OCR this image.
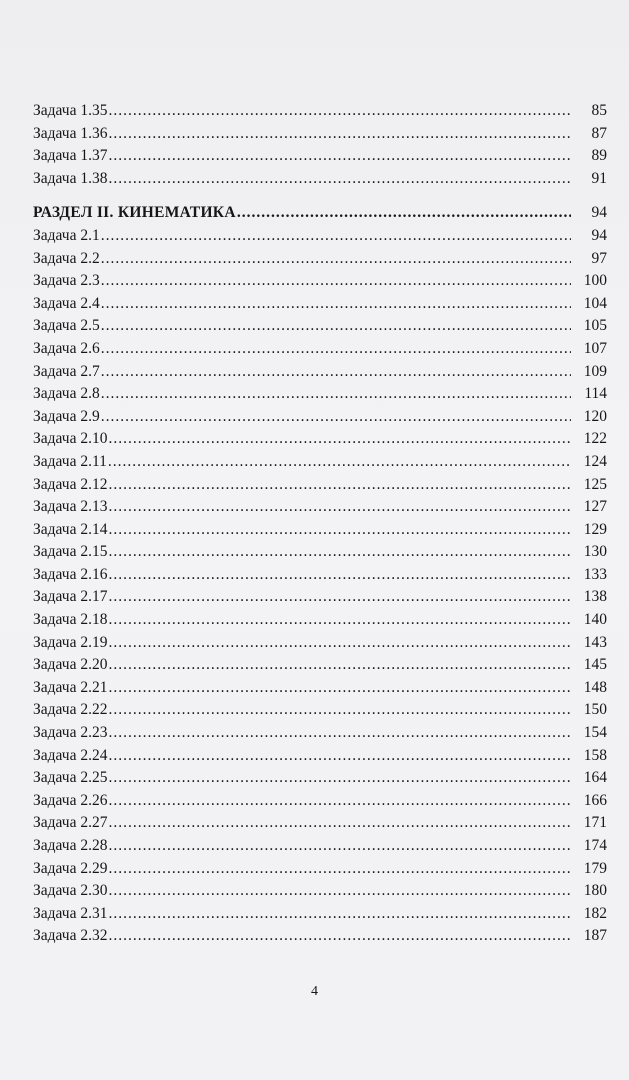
Задача 1.35 .....	85
Задача 1.36 .....	87
Задача 1.37 .....	89
Задача 1.38 .....	91
РАЗДЕЛ II. КИНЕМАТИКА .....	94
Задача 2.1 .....	94
Задача 2.2 .....	97
Задача 2.3 .....	100
Задача 2.4 .....	104
Задача 2.5 .....	105
Задача 2.6 .....	107
Задача 2.7 .....	109
Задача 2.8 .....	114
Задача 2.9 .....	120
Задача 2.10 .....	122
Задача 2.11 .....	124
Задача 2.12 .....	125
Задача 2.13 .....	127
Задача 2.14 .....	129
Задача 2.15 .....	130
Задача 2.16 .....	133
Задача 2.17 .....	138
Задача 2.18 .....	140
Задача 2.19 .....	143
Задача 2.20 .....	145
Задача 2.21 .....	148
Задача 2.22 .....	150
Задача 2.23 .....	154
Задача 2.24 .....	158
Задача 2.25 .....	164
Задача 2.26 .....	166
Задача 2.27 .....	171
Задача 2.28 .....	174
Задача 2.29 .....	179
Задача 2.30 .....	180
Задача 2.31 .....	182
Задача 2.32 .....	187
4
